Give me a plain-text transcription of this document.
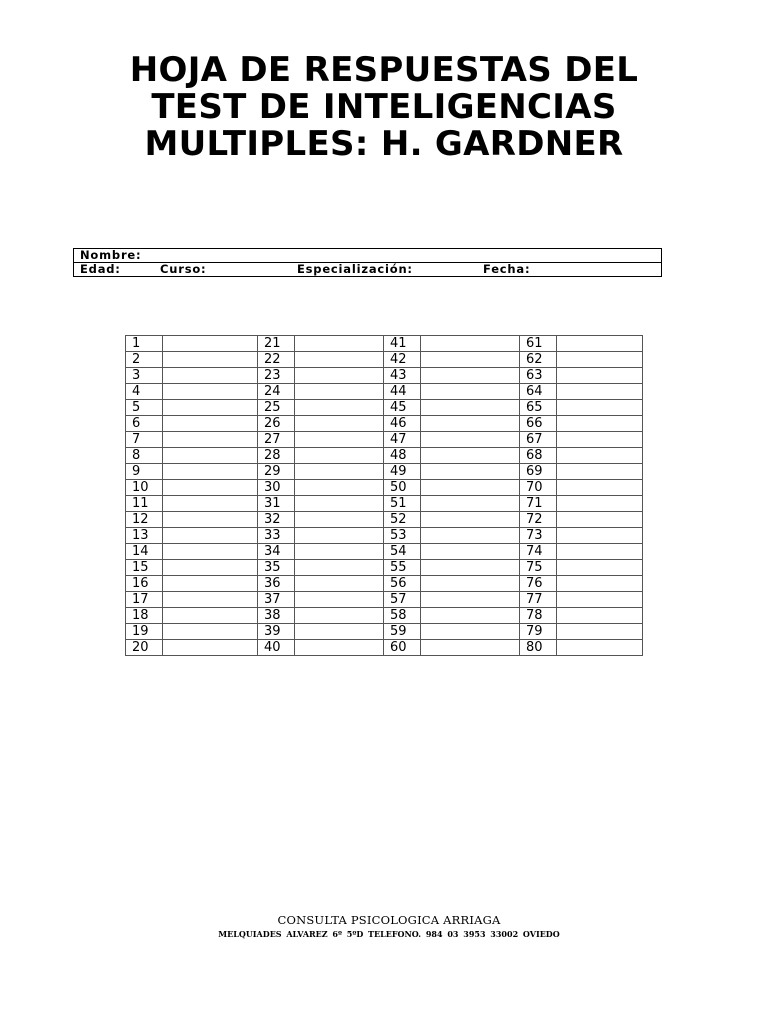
HOJA DE RESPUESTAS DEL
TEST DE INTELIGENCIAS
MULTIPLES: H. GARDNER
Nombre:
Edad:	Curso:	Especialización:	Fecha:
1		21		41		61	
2		22		42		62	
3		23		43		63	
4		24		44		64	
5		25		45		65	
6		26		46		66	
7		27		47		67	
8		28		48		68	
9		29		49		69	
10		30		50		70	
11		31		51		71	
12		32		52		72	
13		33		53		73	
14		34		54		74	
15		35		55		75	
16		36		56		76	
17		37		57		77	
18		38		58		78	
19		39		59		79	
20		40		60		80	
CONSULTA PSICOLOGICA ARRIAGA
MELQUIADES ALVAREZ 6º 5ºD TELEFONO. 984 03 3953 33002 OVIEDO
